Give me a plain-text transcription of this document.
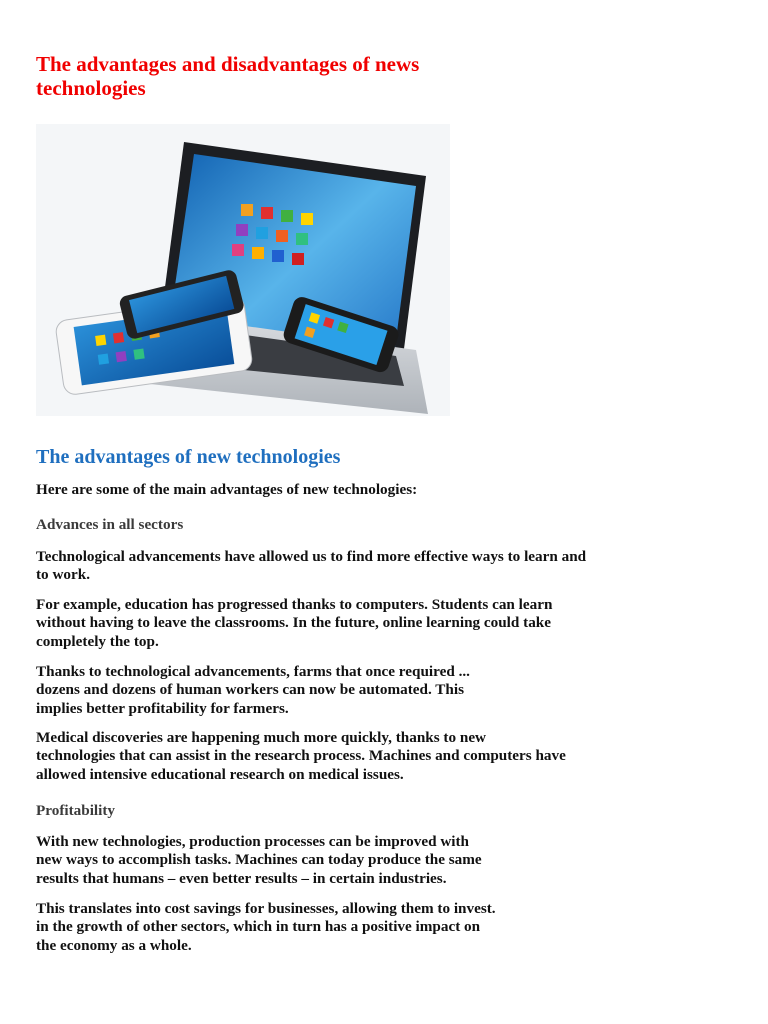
The advantages and disadvantages of news technologies
The advantages of new technologies

Here are some of the main advantages of new technologies:

Advances in all sectors

Technological advancements have allowed us to find more effective ways to learn and
to work.

For example, education has progressed thanks to computers. Students can learn
without having to leave the classrooms. In the future, online learning could take
completely the top.

Thanks to technological advancements, farms that once required ...
dozens and dozens of human workers can now be automated. This
implies better profitability for farmers.

Medical discoveries are happening much more quickly, thanks to new
technologies that can assist in the research process. Machines and computers have
allowed intensive educational research on medical issues.

Profitability

With new technologies, production processes can be improved with
new ways to accomplish tasks. Machines can today produce the same
results that humans – even better results – in certain industries.

This translates into cost savings for businesses, allowing them to invest.
in the growth of other sectors, which in turn has a positive impact on
the economy as a whole.
